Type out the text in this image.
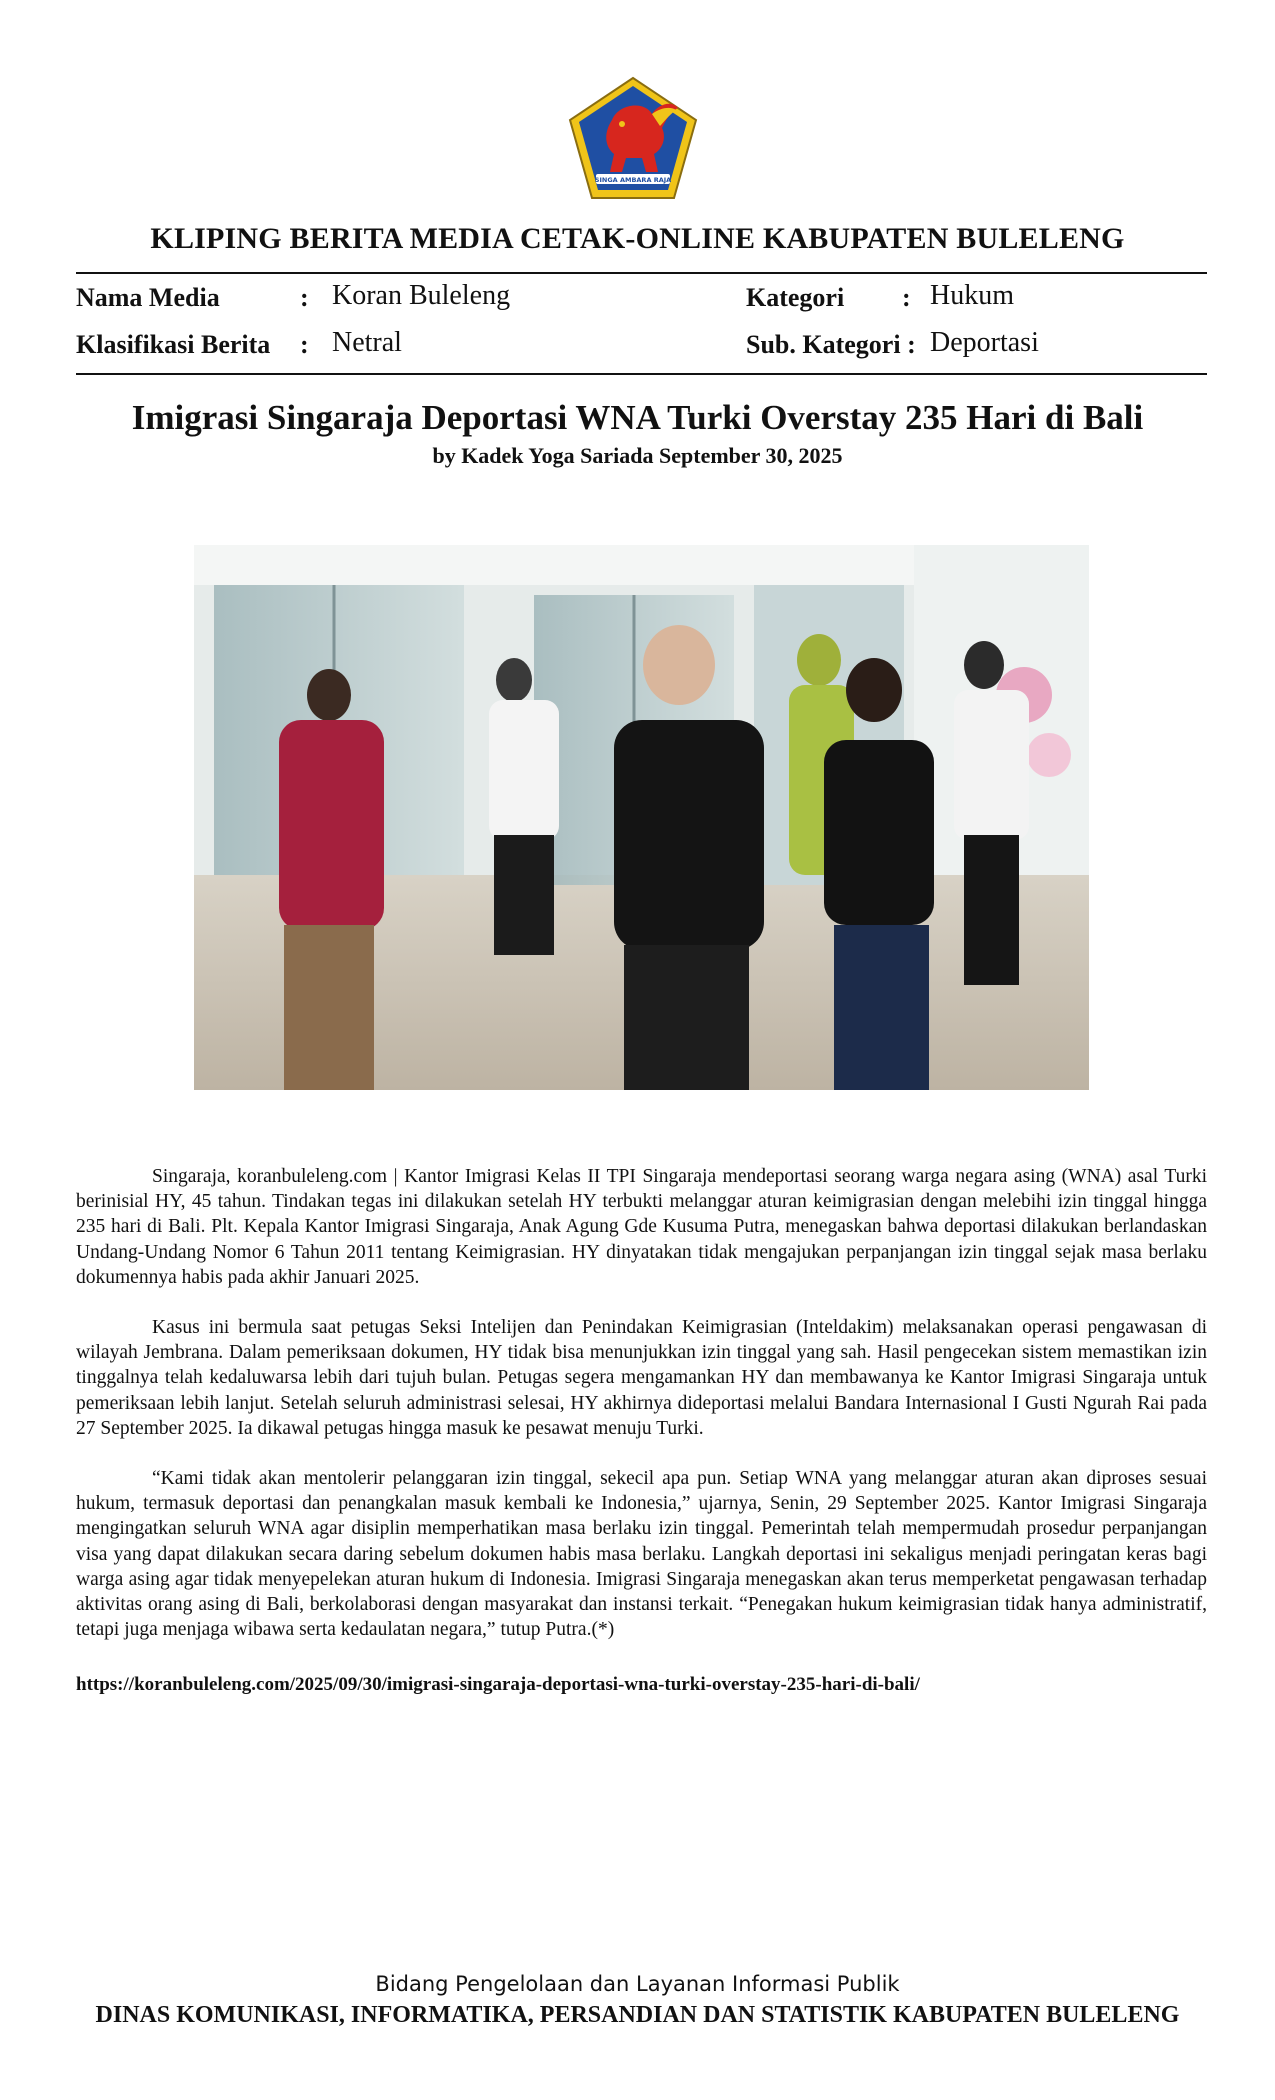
SINGA AMBARA RAJA
KLIPING BERITA MEDIA CETAK-ONLINE KABUPATEN BULELENG
Nama Media	: Koran Buleleng
Klasifikasi Berita : Netral
Kategori : Hukum
Sub. Kategori : Deportasi
Imigrasi Singaraja Deportasi WNA Turki Overstay 235 Hari di Bali
by Kadek Yoga Sariada September 30, 2025

Singaraja, koranbuleleng.com | Kantor Imigrasi Kelas II TPI Singaraja mendeportasi seorang warga negara asing (WNA) asal Turki berinisial HY, 45 tahun. Tindakan tegas ini dilakukan setelah HY terbukti melanggar aturan keimigrasian dengan melebihi izin tinggal hingga 235 hari di Bali. Plt. Kepala Kantor Imigrasi Singaraja, Anak Agung Gde Kusuma Putra, menegaskan bahwa deportasi dilakukan berlandaskan Undang-Undang Nomor 6 Tahun 2011 tentang Keimigrasian. HY dinyatakan tidak mengajukan perpanjangan izin tinggal sejak masa berlaku dokumennya habis pada akhir Januari 2025.

Kasus ini bermula saat petugas Seksi Intelijen dan Penindakan Keimigrasian (Inteldakim) melaksanakan operasi pengawasan di wilayah Jembrana. Dalam pemeriksaan dokumen, HY tidak bisa menunjukkan izin tinggal yang sah. Hasil pengecekan sistem memastikan izin tinggalnya telah kedaluwarsa lebih dari tujuh bulan. Petugas segera mengamankan HY dan membawanya ke Kantor Imigrasi Singaraja untuk pemeriksaan lebih lanjut. Setelah seluruh administrasi selesai, HY akhirnya dideportasi melalui Bandara Internasional I Gusti Ngurah Rai pada 27 September 2025. Ia dikawal petugas hingga masuk ke pesawat menuju Turki.

“Kami tidak akan mentolerir pelanggaran izin tinggal, sekecil apa pun. Setiap WNA yang melanggar aturan akan diproses sesuai hukum, termasuk deportasi dan penangkalan masuk kembali ke Indonesia,” ujarnya, Senin, 29 September 2025. Kantor Imigrasi Singaraja mengingatkan seluruh WNA agar disiplin memperhatikan masa berlaku izin tinggal. Pemerintah telah mempermudah prosedur perpanjangan visa yang dapat dilakukan secara daring sebelum dokumen habis masa berlaku. Langkah deportasi ini sekaligus menjadi peringatan keras bagi warga asing agar tidak menyepelekan aturan hukum di Indonesia. Imigrasi Singaraja menegaskan akan terus memperketat pengawasan terhadap aktivitas orang asing di Bali, berkolaborasi dengan masyarakat dan instansi terkait. “Penegakan hukum keimigrasian tidak hanya administratif, tetapi juga menjaga wibawa serta kedaulatan negara,” tutup Putra.(*)

https://koranbuleleng.com/2025/09/30/imigrasi-singaraja-deportasi-wna-turki-overstay-235-hari-di-bali/
Bidang Pengelolaan dan Layanan Informasi Publik
DINAS KOMUNIKASI, INFORMATIKA, PERSANDIAN DAN STATISTIK KABUPATEN BULELENG
